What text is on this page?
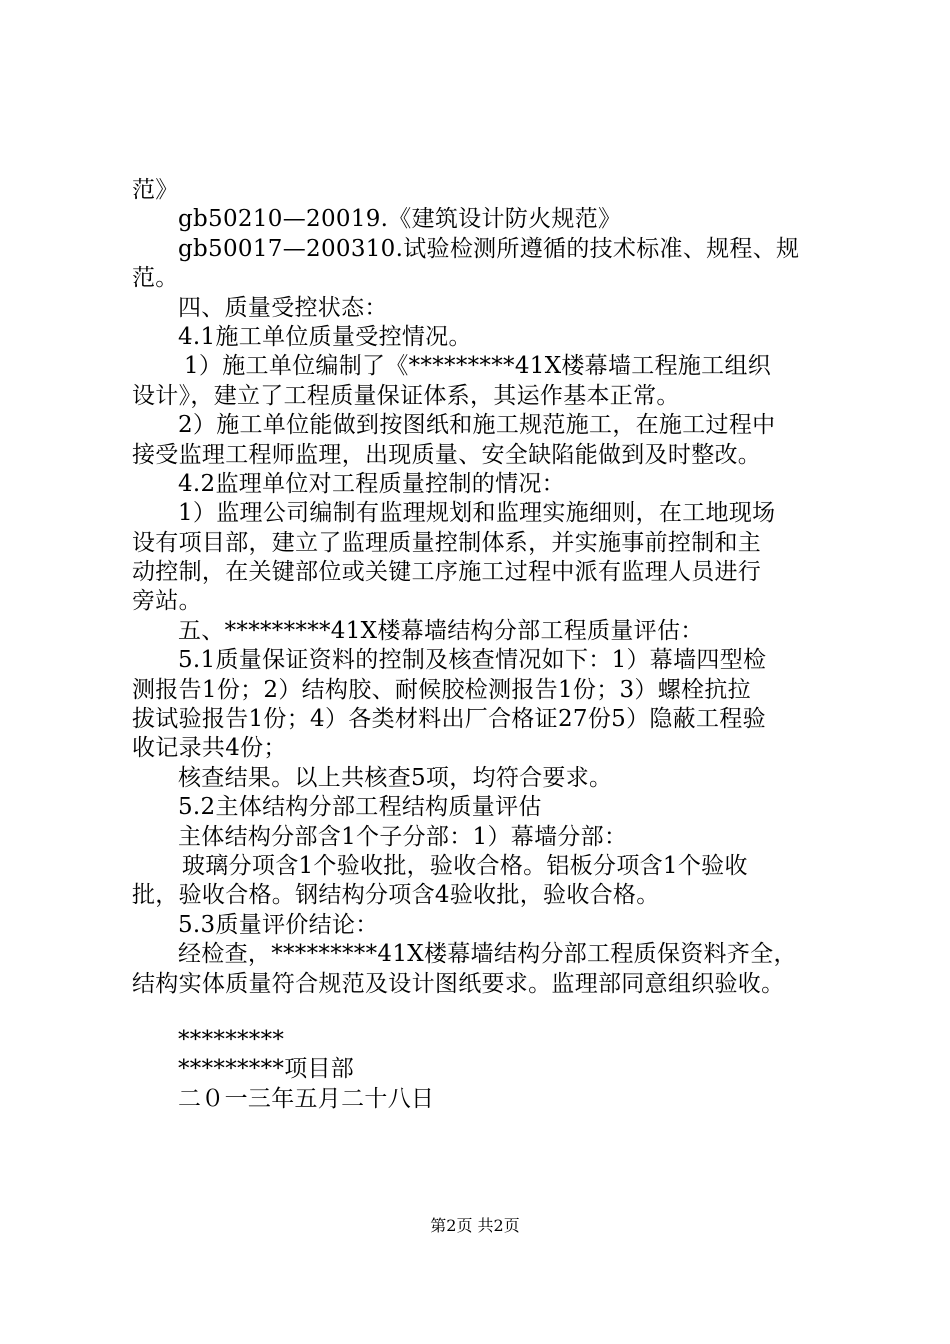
范》
gb50210—20019.《建筑设计防火规范》
gb50017—200310.试验检测所遵循的技术标准、规程、规
范。
四、质量受控状态：
4.1施工单位质量受控情况。
1）施工单位编制了《*********41X楼幕墙工程施工组织
设计》，建立了工程质量保证体系，其运作基本正常。
2）施工单位能做到按图纸和施工规范施工，在施工过程中
接受监理工程师监理，出现质量、安全缺陷能做到及时整改。
4.2监理单位对工程质量控制的情况：
1）监理公司编制有监理规划和监理实施细则，在工地现场
设有项目部，建立了监理质量控制体系，并实施事前控制和主
动控制，在关键部位或关键工序施工过程中派有监理人员进行
旁站。
五、*********41X楼幕墙结构分部工程质量评估：
5.1质量保证资料的控制及核查情况如下：1）幕墙四型检
测报告1份；2）结构胶、耐候胶检测报告1份；3）螺栓抗拉
拔试验报告1份；4）各类材料出厂合格证27份5）隐蔽工程验
收记录共4份；
核查结果。以上共核查5项，均符合要求。
5.2主体结构分部工程结构质量评估
主体结构分部含1个子分部：1）幕墙分部：
玻璃分项含1个验收批，验收合格。铝板分项含1个验收
批，验收合格。钢结构分项含4验收批，验收合格。
5.3质量评价结论：
经检查，*********41X楼幕墙结构分部工程质保资料齐全，
结构实体质量符合规范及设计图纸要求。监理部同意组织验收。
*********
*********项目部
二０一三年五月二十八日
第2页 共2页
